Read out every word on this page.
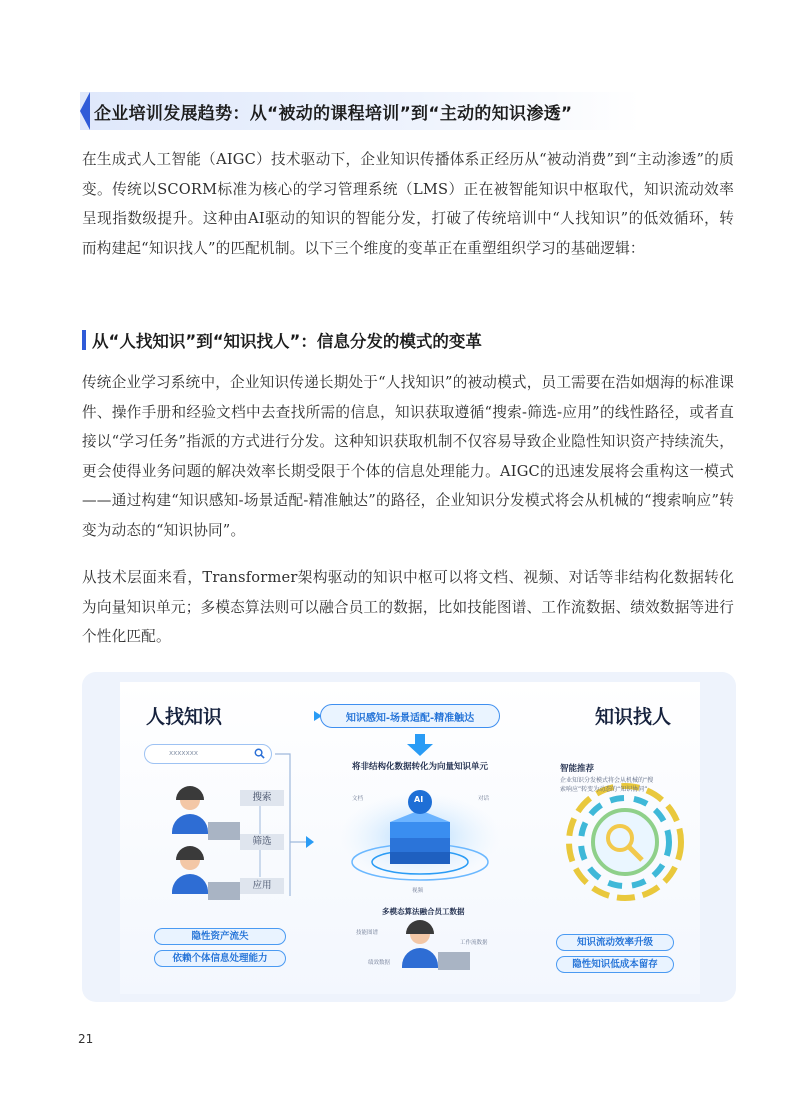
企业培训发展趋势：从“被动的课程培训”到“主动的知识渗透”

在生成式人工智能（AIGC）技术驱动下，企业知识传播体系正经历从“被动消费”到“主动渗透”的质变。传统以SCORM标准为核心的学习管理系统（LMS）正在被智能知识中枢取代，知识流动效率呈现指数级提升。这种由AI驱动的知识的智能分发，打破了传统培训中“人找知识”的低效循环，转而构建起“知识找人”的匹配机制。以下三个维度的变革正在重塑组织学习的基础逻辑：

从“人找知识”到“知识找人”：信息分发的模式的变革

传统企业学习系统中，企业知识传递长期处于“人找知识”的被动模式，员工需要在浩如烟海的标准课件、操作手册和经验文档中去查找所需的信息，知识获取遵循“搜索-筛选-应用”的线性路径，或者直接以“学习任务”指派的方式进行分发。这种知识获取机制不仅容易导致企业隐性知识资产持续流失，更会使得业务问题的解决效率长期受限于个体的信息处理能力。AIGC的迅速发展将会重构这一模式——通过构建“知识感知-场景适配-精准触达”的路径，企业知识分发模式将会从机械的“搜索响应”转变为动态的“知识协同”。

从技术层面来看，Transformer架构驱动的知识中枢可以将文档、视频、对话等非结构化数据转化为向量知识单元；多模态算法则可以融合员工的数据，比如技能图谱、工作流数据、绩效数据等进行个性化匹配。

人找知识	知识感知-场景适配-精准触达	知识找人
xxxxxxx
搜索
筛选
应用
隐性资产流失
依赖个体信息处理能力
将非结构化数据转化为向量知识单元
文档	对话
视频
AI
多模态算法融合员工数据
技能图谱
工作流数据
绩效数据
智能推荐
企业知识分发模式将会从机械的“搜
索响应”转变为动态的“知识协同”
知识流动效率升级
隐性知识低成本留存
21
